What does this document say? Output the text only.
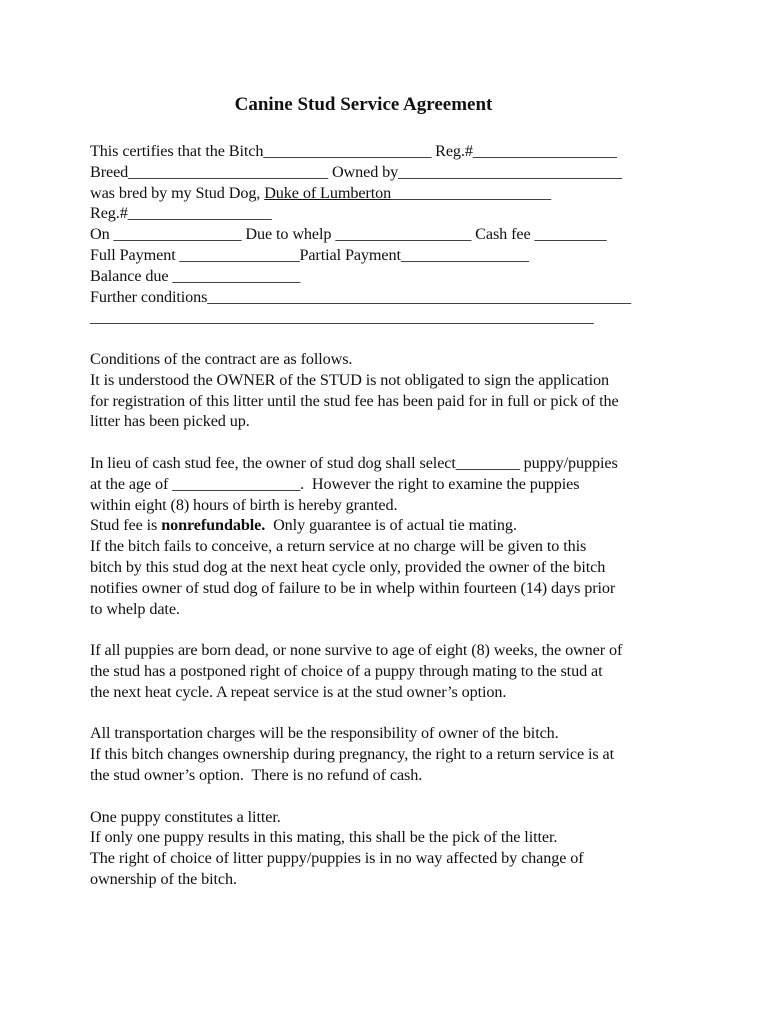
Canine Stud Service Agreement
This certifies that the Bitch_____________________ Reg.#__________________
Breed_________________________ Owned by____________________________
was bred by my Stud Dog, Duke of Lumberton____________________
Reg.#__________________
On ________________ Due to whelp _________________ Cash fee _________
Full Payment _______________Partial Payment________________
Balance due ________________
Further conditions_____________________________________________________
_______________________________________________________________
Conditions of the contract are as follows.
It is understood the OWNER of the STUD is not obligated to sign the application
for registration of this litter until the stud fee has been paid for in full or pick of the
litter has been picked up.
In lieu of cash stud fee, the owner of stud dog shall select________ puppy/puppies
at the age of ________________.  However the right to examine the puppies
within eight (8) hours of birth is hereby granted.
Stud fee is nonrefundable.  Only guarantee is of actual tie mating.
If the bitch fails to conceive, a return service at no charge will be given to this
bitch by this stud dog at the next heat cycle only, provided the owner of the bitch
notifies owner of stud dog of failure to be in whelp within fourteen (14) days prior
to whelp date.
If all puppies are born dead, or none survive to age of eight (8) weeks, the owner of
the stud has a postponed right of choice of a puppy through mating to the stud at
the next heat cycle. A repeat service is at the stud owner’s option.
All transportation charges will be the responsibility of owner of the bitch.
If this bitch changes ownership during pregnancy, the right to a return service is at
the stud owner’s option.  There is no refund of cash.
One puppy constitutes a litter.
If only one puppy results in this mating, this shall be the pick of the litter.
The right of choice of litter puppy/puppies is in no way affected by change of
ownership of the bitch.
